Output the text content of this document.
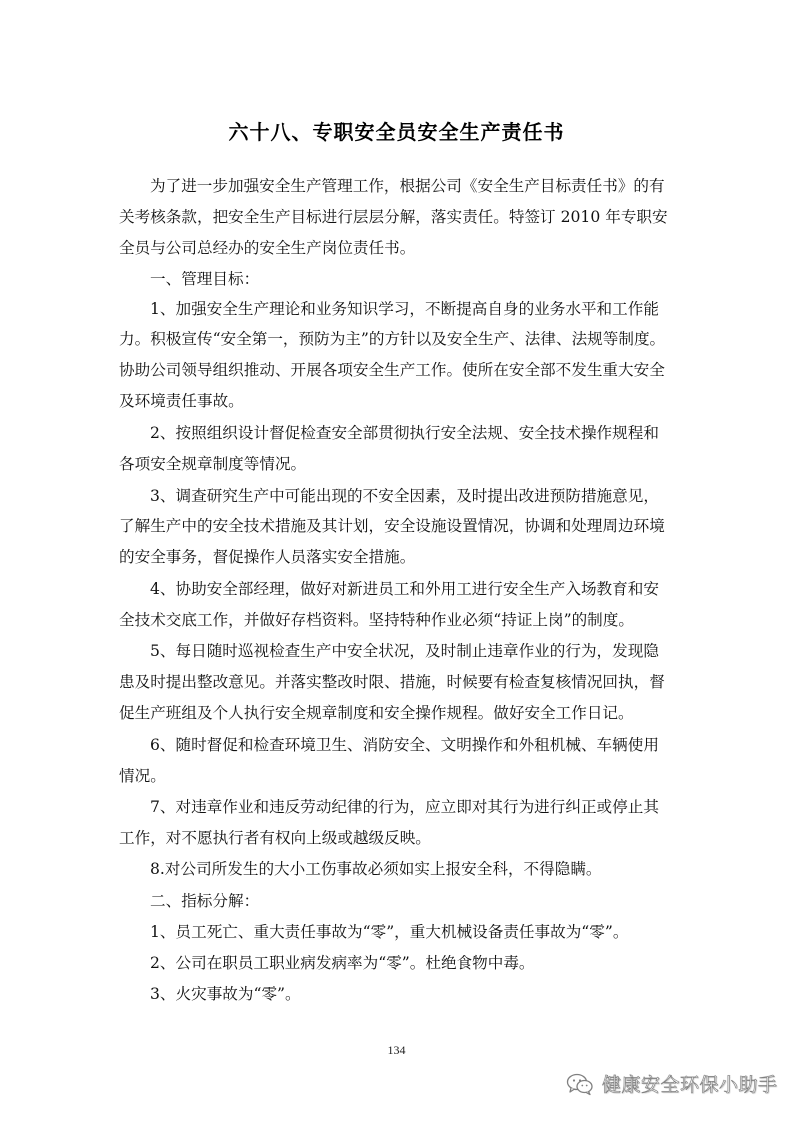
六十八、专职安全员安全生产责任书
为了进一步加强安全生产管理工作，根据公司《安全生产目标责任书》的有
关考核条款，把安全生产目标进行层层分解，落实责任。特签订 2010 年专职安
全员与公司总经办的安全生产岗位责任书。
一、管理目标：
1、加强安全生产理论和业务知识学习，不断提高自身的业务水平和工作能
力。积极宣传“安全第一，预防为主”的方针以及安全生产、法律、法规等制度。
协助公司领导组织推动、开展各项安全生产工作。使所在安全部不发生重大安全
及环境责任事故。
2、按照组织设计督促检查安全部贯彻执行安全法规、安全技术操作规程和
各项安全规章制度等情况。
3、调查研究生产中可能出现的不安全因素，及时提出改进预防措施意见，
了解生产中的安全技术措施及其计划，安全设施设置情况，协调和处理周边环境
的安全事务，督促操作人员落实安全措施。
4、协助安全部经理，做好对新进员工和外用工进行安全生产入场教育和安
全技术交底工作，并做好存档资料。坚持特种作业必须“持证上岗”的制度。
5、每日随时巡视检查生产中安全状况，及时制止违章作业的行为，发现隐
患及时提出整改意见。并落实整改时限、措施，时候要有检查复核情况回执，督
促生产班组及个人执行安全规章制度和安全操作规程。做好安全工作日记。
6、随时督促和检查环境卫生、消防安全、文明操作和外租机械、车辆使用
情况。
7、对违章作业和违反劳动纪律的行为，应立即对其行为进行纠正或停止其
工作，对不愿执行者有权向上级或越级反映。
8.对公司所发生的大小工伤事故必须如实上报安全科，不得隐瞒。
二、指标分解：
1、员工死亡、重大责任事故为“零”，重大机械设备责任事故为“零”。
2、公司在职员工职业病发病率为“零”。杜绝食物中毒。
3、火灾事故为“零”。
134
健康安全环保小助手
